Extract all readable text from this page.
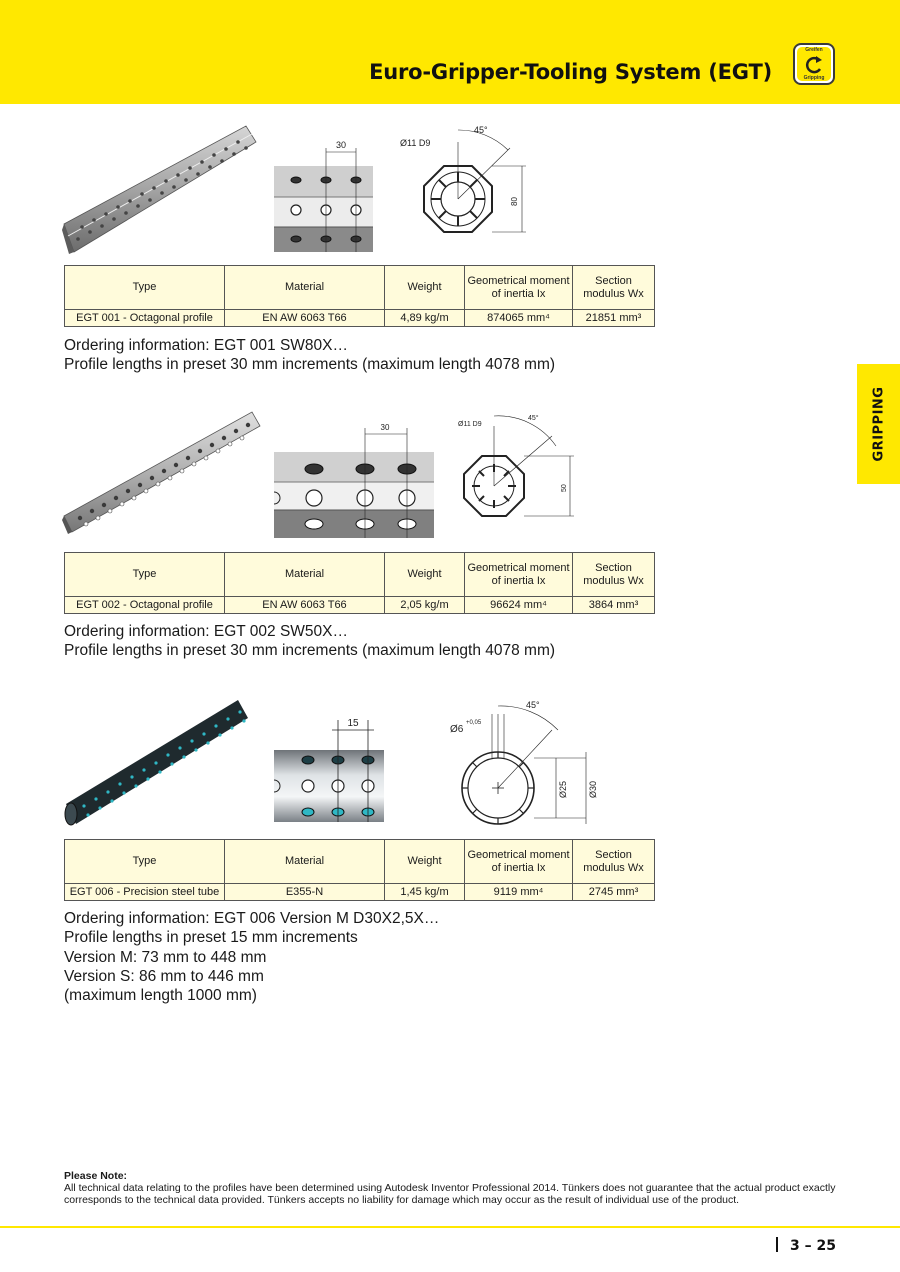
Euro-Gripper-Tooling System (EGT)
Greifen
Gripping
GRIPPING
30	Ø11 D9
45°
80
Type	Material	Weight	Geometrical moment of inertia Ix	Section modulus Wx
EGT 001 - Octagonal profile	EN AW 6063 T66	4,89 kg/m	874065 mm⁴	21851 mm³
Ordering information: EGT 001 SW80X…
Profile lengths in preset 30 mm increments (maximum length 4078 mm)
30	Ø11 D9
45°
50
Type	Material	Weight	Geometrical moment of inertia Ix	Section modulus Wx
EGT 002 - Octagonal profile	EN AW 6063 T66	2,05 kg/m	96624 mm⁴	3864 mm³
Ordering information: EGT 002 SW50X…
Profile lengths in preset 30 mm increments (maximum length 4078 mm)
15
Ø6
+0,05
45°
Ø25 Ø30
Type	Material	Weight	Geometrical moment of inertia Ix	Section modulus Wx
EGT 006 - Precision steel tube	E355-N	1,45 kg/m	9119 mm⁴	2745 mm³
Ordering information: EGT 006 Version M D30X2,5X…
Profile lengths in preset 15 mm increments
Version M: 73 mm to 448 mm
Version S: 86 mm to 446 mm
(maximum length 1000 mm)
Please Note:
All technical data relating to the profiles have been determined using Autodesk Inventor Professional 2014. Tünkers does not guarantee that the actual product exactly corresponds to the technical data provided. Tünkers accepts no liability for damage which may occur as the result of individual use of the product.
3 – 25
